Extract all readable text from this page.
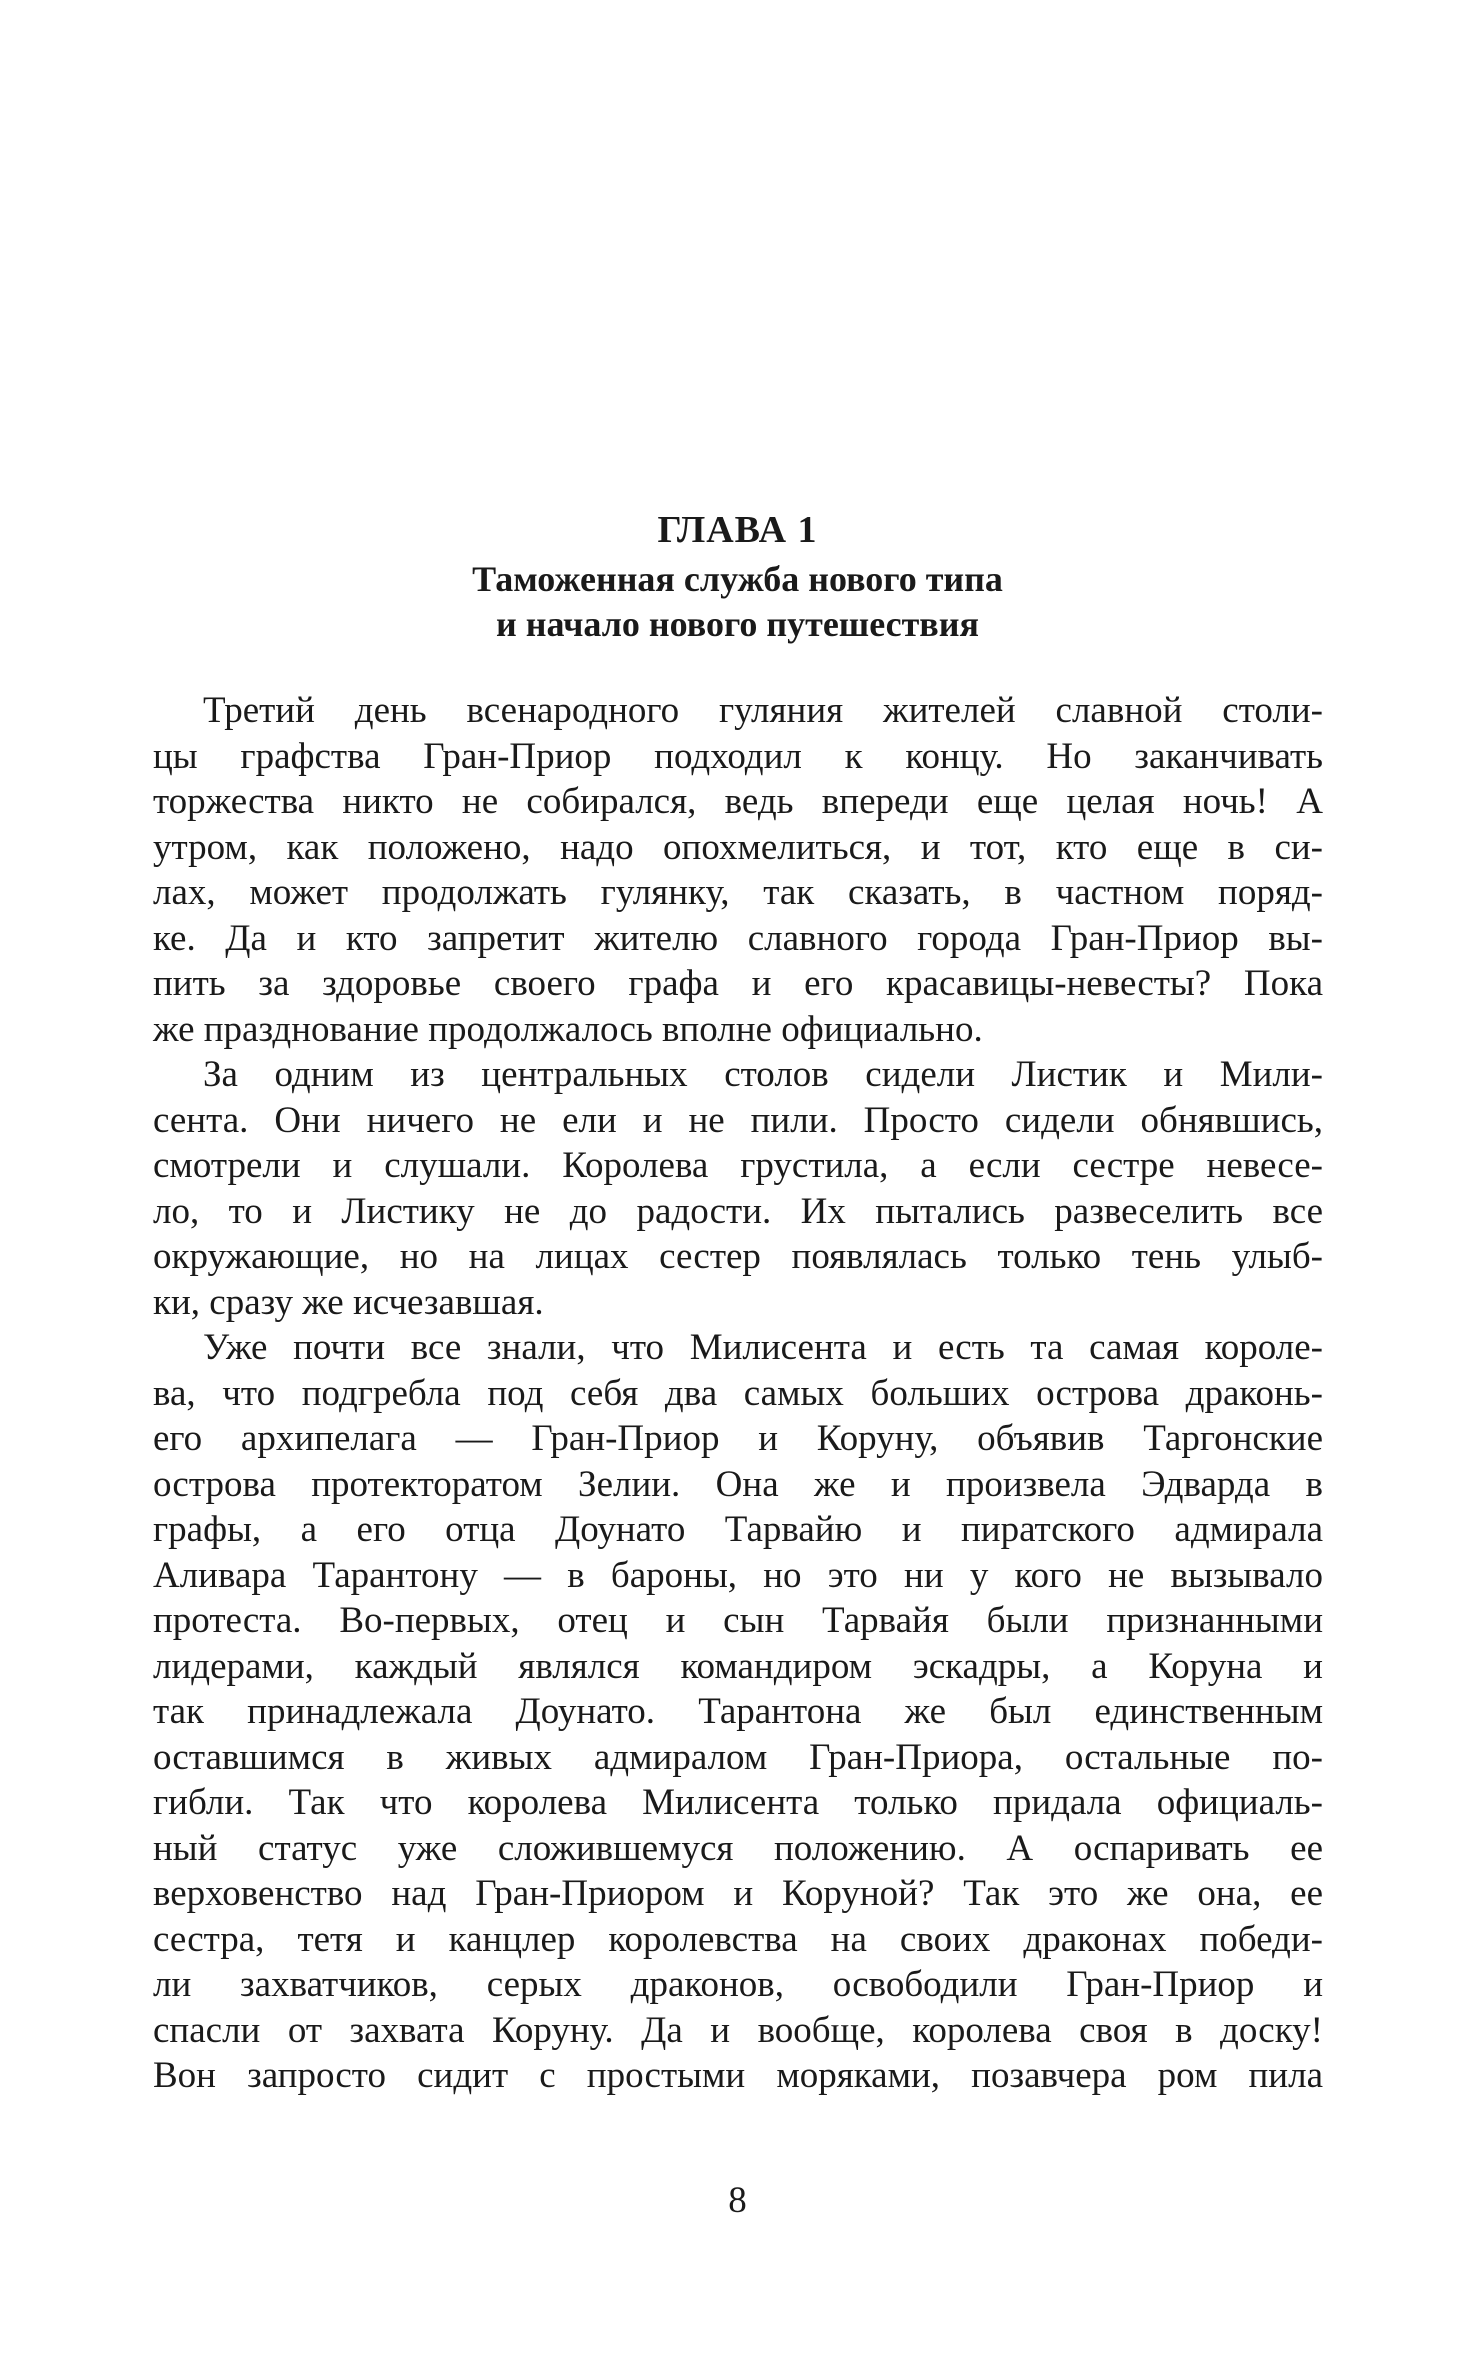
ГЛАВА 1
Таможенная служба нового типа
и начало нового путешествия
Третий день всенародного гуляния жителей славной столи-
цы графства Гран-Приор подходил к концу. Но заканчивать
торжества никто не собирался, ведь впереди еще целая ночь! А
утром, как положено, надо опохмелиться, и тот, кто еще в си-
лах, может продолжать гулянку, так сказать, в частном поряд-
ке. Да и кто запретит жителю славного города Гран-Приор вы-
пить за здоровье своего графа и его красавицы-невесты? Пока
же празднование продолжалось вполне официально.
За одним из центральных столов сидели Листик и Мили-
сента. Они ничего не ели и не пили. Просто сидели обнявшись,
смотрели и слушали. Королева грустила, а если сестре невесе-
ло, то и Листику не до радости. Их пытались развеселить все
окружающие, но на лицах сестер появлялась только тень улыб-
ки, сразу же исчезавшая.
Уже почти все знали, что Милисента и есть та самая короле-
ва, что подгребла под себя два самых больших острова драконь-
его архипелага — Гран-Приор и Коруну, объявив Таргонские
острова протекторатом Зелии. Она же и произвела Эдварда в
графы, а его отца Доунато Тарвайю и пиратского адмирала
Аливара Тарантону — в бароны, но это ни у кого не вызывало
протеста. Во-первых, отец и сын Тарвайя были признанными
лидерами, каждый являлся командиром эскадры, а Коруна и
так принадлежала Доунато. Тарантона же был единственным
оставшимся в живых адмиралом Гран-Приора, остальные по-
гибли. Так что королева Милисента только придала официаль-
ный статус уже сложившемуся положению. А оспаривать ее
верховенство над Гран-Приором и Коруной? Так это же она, ее
сестра, тетя и канцлер королевства на своих драконах победи-
ли захватчиков, серых драконов, освободили Гран-Приор и
спасли от захвата Коруну. Да и вообще, королева своя в доску!
Вон запросто сидит с простыми моряками, позавчера ром пила
8
